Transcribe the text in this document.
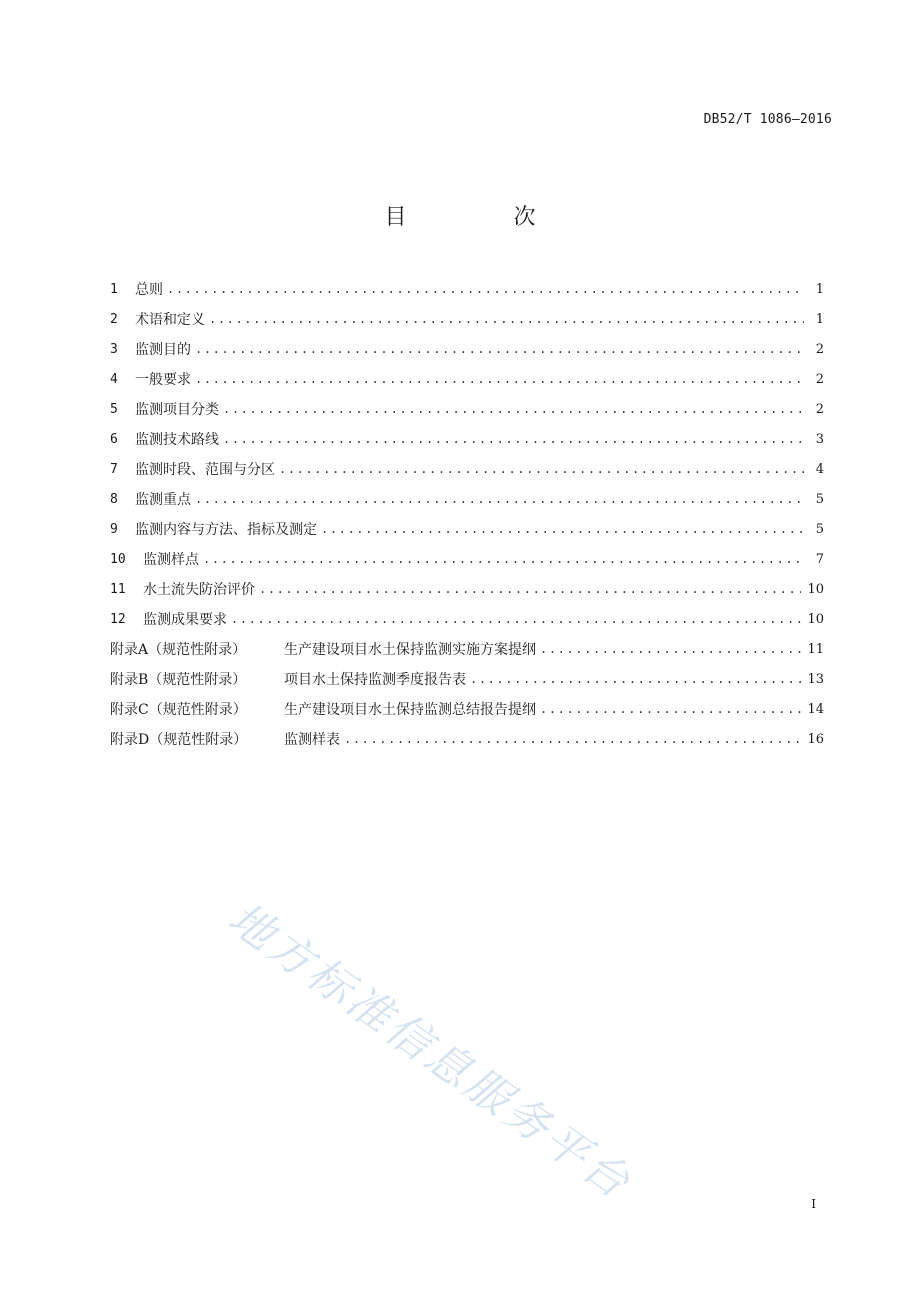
DB52/T 1086—2016
目 次
1	总则 .....	1
2	术语和定义 .....	1
3	监测目的 .....	2
4	一般要求 .....	2
5	监测项目分类 .....	2
6	监测技术路线 .....	3
7	监测时段、范围与分区 .....	4
8	监测重点 .....	5
9	监测内容与方法、指标及测定 .....	5
10	监测样点 .....	7
11	水土流失防治评价 .....	10
12	监测成果要求 .....	10
附录A（规范性附录）	生产建设项目水土保持监测实施方案提纲 .....	11
附录B（规范性附录）	项目水土保持监测季度报告表 .....	13
附录C（规范性附录）	生产建设项目水土保持监测总结报告提纲 .....	14
附录D（规范性附录）	监测样表 .....	16
地方标准信息服务平台	I
